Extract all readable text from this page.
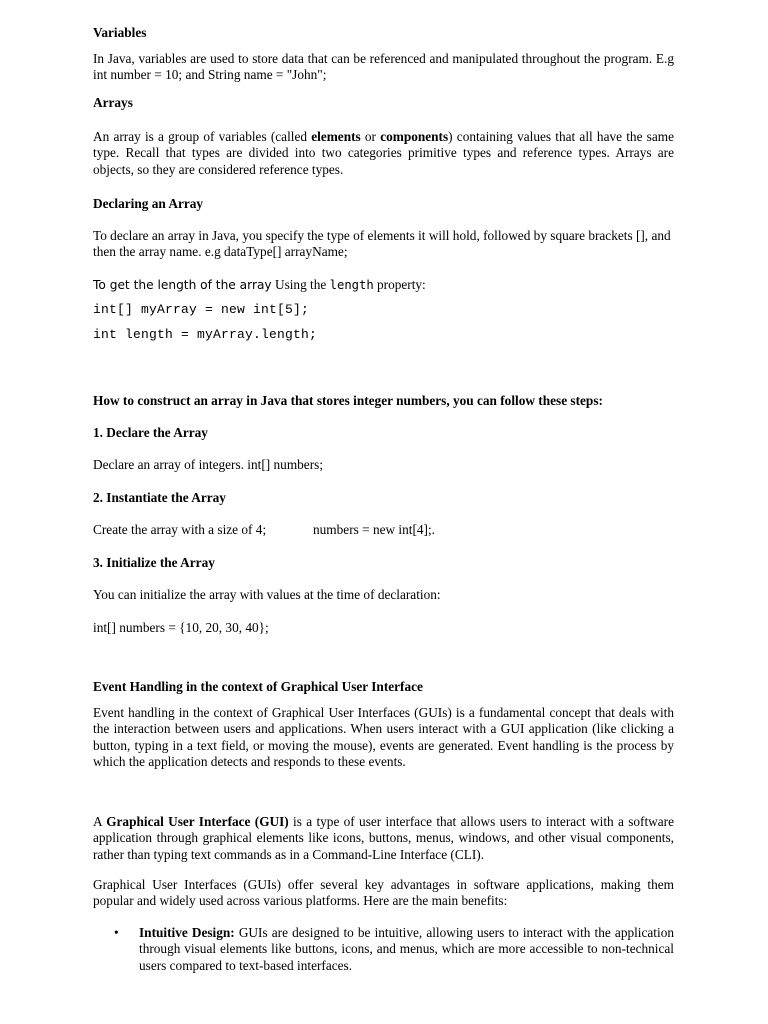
Variables
In Java, variables are used to store data that can be referenced and manipulated throughout the program. E.g int number = 10; and String name = "John";
Arrays
An array is a group of variables (called elements or components) containing values that all have the same type. Recall that types are divided into two categories primitive types and reference types. Arrays are objects, so they are considered reference types.
Declaring an Array
To declare an array in Java, you specify the type of elements it will hold, followed by square brackets [], and then the array name. e.g dataType[] arrayName;
To get the length of the array Using the length property:
int[] myArray = new int[5];
int length = myArray.length;
How to construct an array in Java that stores integer numbers, you can follow these steps:
1. Declare the Array
Declare an array of integers. int[] numbers;
2. Instantiate the Array
Create the array with a size of 4;	numbers = new int[4];.
3. Initialize the Array
You can initialize the array with values at the time of declaration:
int[] numbers = {10, 20, 30, 40};
Event Handling in the context of Graphical User Interface
Event handling in the context of Graphical User Interfaces (GUIs) is a fundamental concept that deals with the interaction between users and applications. When users interact with a GUI application (like clicking a button, typing in a text field, or moving the mouse), events are generated. Event handling is the process by which the application detects and responds to these events.
A Graphical User Interface (GUI) is a type of user interface that allows users to interact with a software application through graphical elements like icons, buttons, menus, windows, and other visual components, rather than typing text commands as in a Command-Line Interface (CLI).
Graphical User Interfaces (GUIs) offer several key advantages in software applications, making them popular and widely used across various platforms. Here are the main benefits:
• Intuitive Design: GUIs are designed to be intuitive, allowing users to interact with the application through visual elements like buttons, icons, and menus, which are more accessible to non-technical users compared to text-based interfaces.
